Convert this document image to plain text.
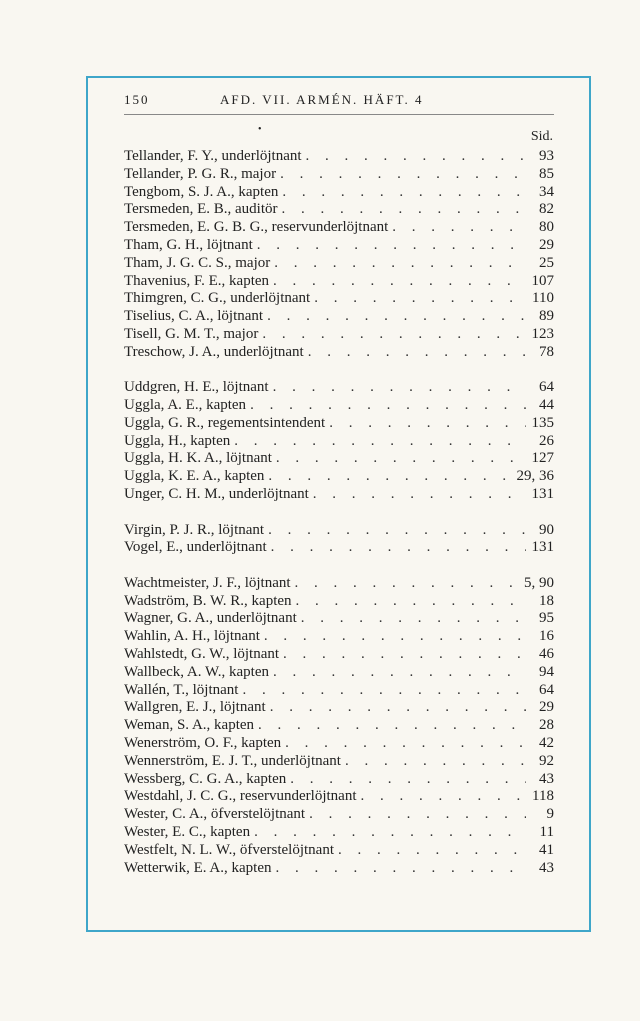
150	AFD. VII. ARMÉN. HÄFT. 4
•	Sid.
Tellander, F. Y., underlöjtnant . . .	93
Tellander, P. G. R., major . . .	85
Tengbom, S. J. A., kapten . . .	34
Tersmeden, E. B., auditör . . .	82
Tersmeden, E. G. B. G., reservunderlöjtnant . . .	80
Tham, G. H., löjtnant . . .	29
Tham, J. G. C. S., major . . .	25
Thavenius, F. E., kapten . . .	107
Thimgren, C. G., underlöjtnant . . .	110
Tiselius, C. A., löjtnant . . .	89
Tisell, G. M. T., major . . .	123
Treschow, J. A., underlöjtnant . . .	78
Uddgren, H. E., löjtnant . . .	64
Uggla, A. E., kapten . . .	44
Uggla, G. R., regementsintendent . . .	135
Uggla, H., kapten . . .	26
Uggla, H. K. A., löjtnant . . .	127
Uggla, K. E. A., kapten . . .	29, 36
Unger, C. H. M., underlöjtnant . . .	131
Virgin, P. J. R., löjtnant . . .	90
Vogel, E., underlöjtnant . . .	131
Wachtmeister, J. F., löjtnant . . .	5, 90
Wadström, B. W. R., kapten . . .	18
Wagner, G. A., underlöjtnant . . .	95
Wahlin, A. H., löjtnant . . .	16
Wahlstedt, G. W., löjtnant . . .	46
Wallbeck, A. W., kapten . . .	94
Wallén, T., löjtnant . . .	64
Wallgren, E. J., löjtnant . . .	29
Weman, S. A., kapten . . .	28
Wenerström, O. F., kapten . . .	42
Wennerström, E. J. T., underlöjtnant . . .	92
Wessberg, C. G. A., kapten . . .	43
Westdahl, J. C. G., reservunderlöjtnant . . .	118
Wester, C. A., öfverstelöjtnant . . .	9
Wester, E. C., kapten . . .	11
Westfelt, N. L. W., öfverstelöjtnant . . .	41
Wetterwik, E. A., kapten . . .	43
